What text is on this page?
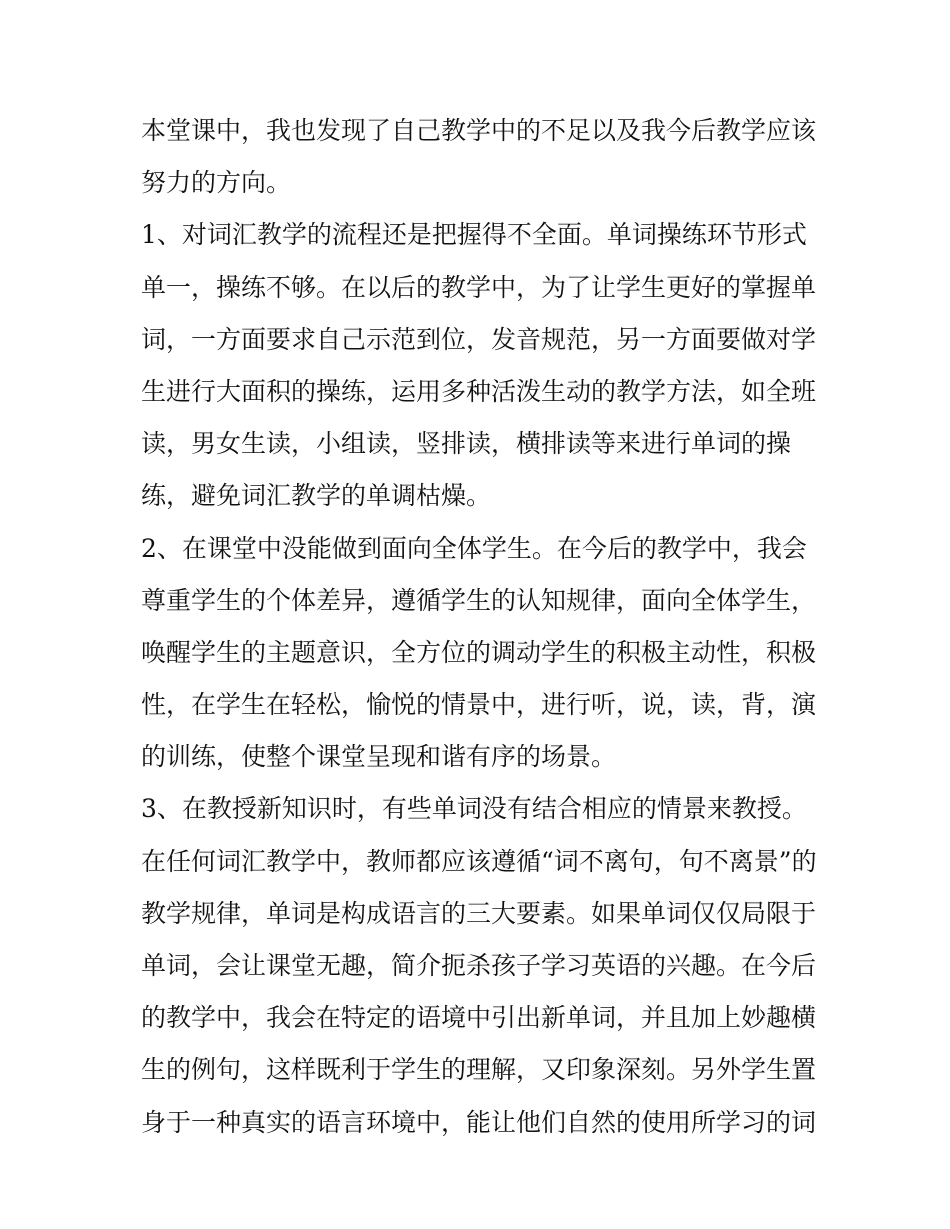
本堂课中，我也发现了自己教学中的不足以及我今后教学应该
努力的方向。
1、对词汇教学的流程还是把握得不全面。单词操练环节形式
单一，操练不够。在以后的教学中，为了让学生更好的掌握单
词，一方面要求自己示范到位，发音规范，另一方面要做对学
生进行大面积的操练，运用多种活泼生动的教学方法，如全班
读，男女生读，小组读，竖排读，横排读等来进行单词的操
练，避免词汇教学的单调枯燥。
2、在课堂中没能做到面向全体学生。在今后的教学中，我会
尊重学生的个体差异，遵循学生的认知规律，面向全体学生，
唤醒学生的主题意识，全方位的调动学生的积极主动性，积极
性，在学生在轻松，愉悦的情景中，进行听，说，读，背，演
的训练，使整个课堂呈现和谐有序的场景。
3、在教授新知识时，有些单词没有结合相应的情景来教授。
在任何词汇教学中，教师都应该遵循“词不离句，句不离景”的
教学规律，单词是构成语言的三大要素。如果单词仅仅局限于
单词，会让课堂无趣，简介扼杀孩子学习英语的兴趣。在今后
的教学中，我会在特定的语境中引出新单词，并且加上妙趣横
生的例句，这样既利于学生的理解，又印象深刻。另外学生置
身于一种真实的语言环境中，能让他们自然的使用所学习的词
